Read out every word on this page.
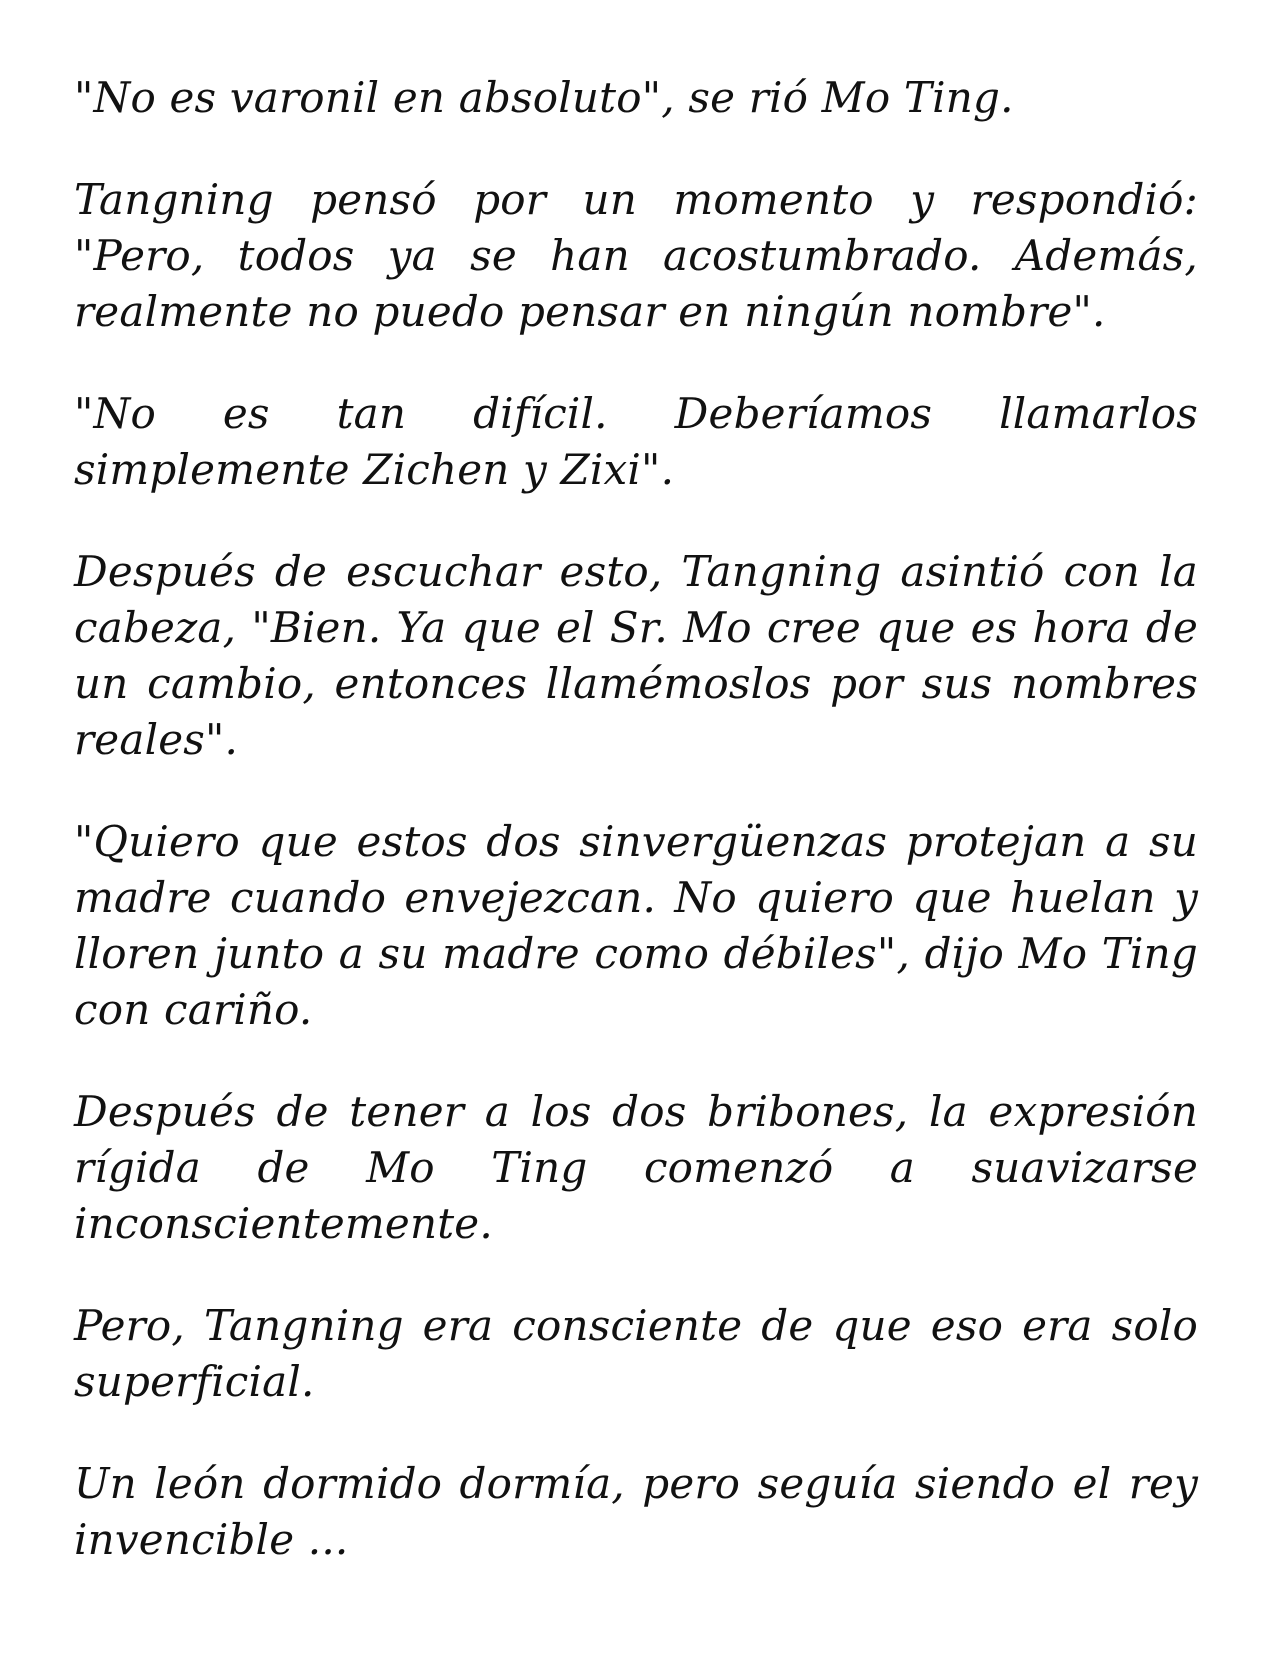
"No es varonil en absoluto", se rió Mo Ting.

Tangning pensó por un momento y respondió: "Pero, todos ya se han acostumbrado. Además, realmente no puedo pensar en ningún nombre".

"No es tan difícil. Deberíamos llamarlos simplemente Zichen y Zixi".

Después de escuchar esto, Tangning asintió con la cabeza, "Bien. Ya que el Sr. Mo cree que es hora de un cambio, entonces llamémoslos por sus nombres reales".

"Quiero que estos dos sinvergüenzas protejan a su madre cuando envejezcan. No quiero que huelan y lloren junto a su madre como débiles", dijo Mo Ting con cariño.

Después de tener a los dos bribones, la expresión rígida de Mo Ting comenzó a suavizarse inconscientemente.

Pero, Tangning era consciente de que eso era solo superficial.

Un león dormido dormía, pero seguía siendo el rey invencible ...
